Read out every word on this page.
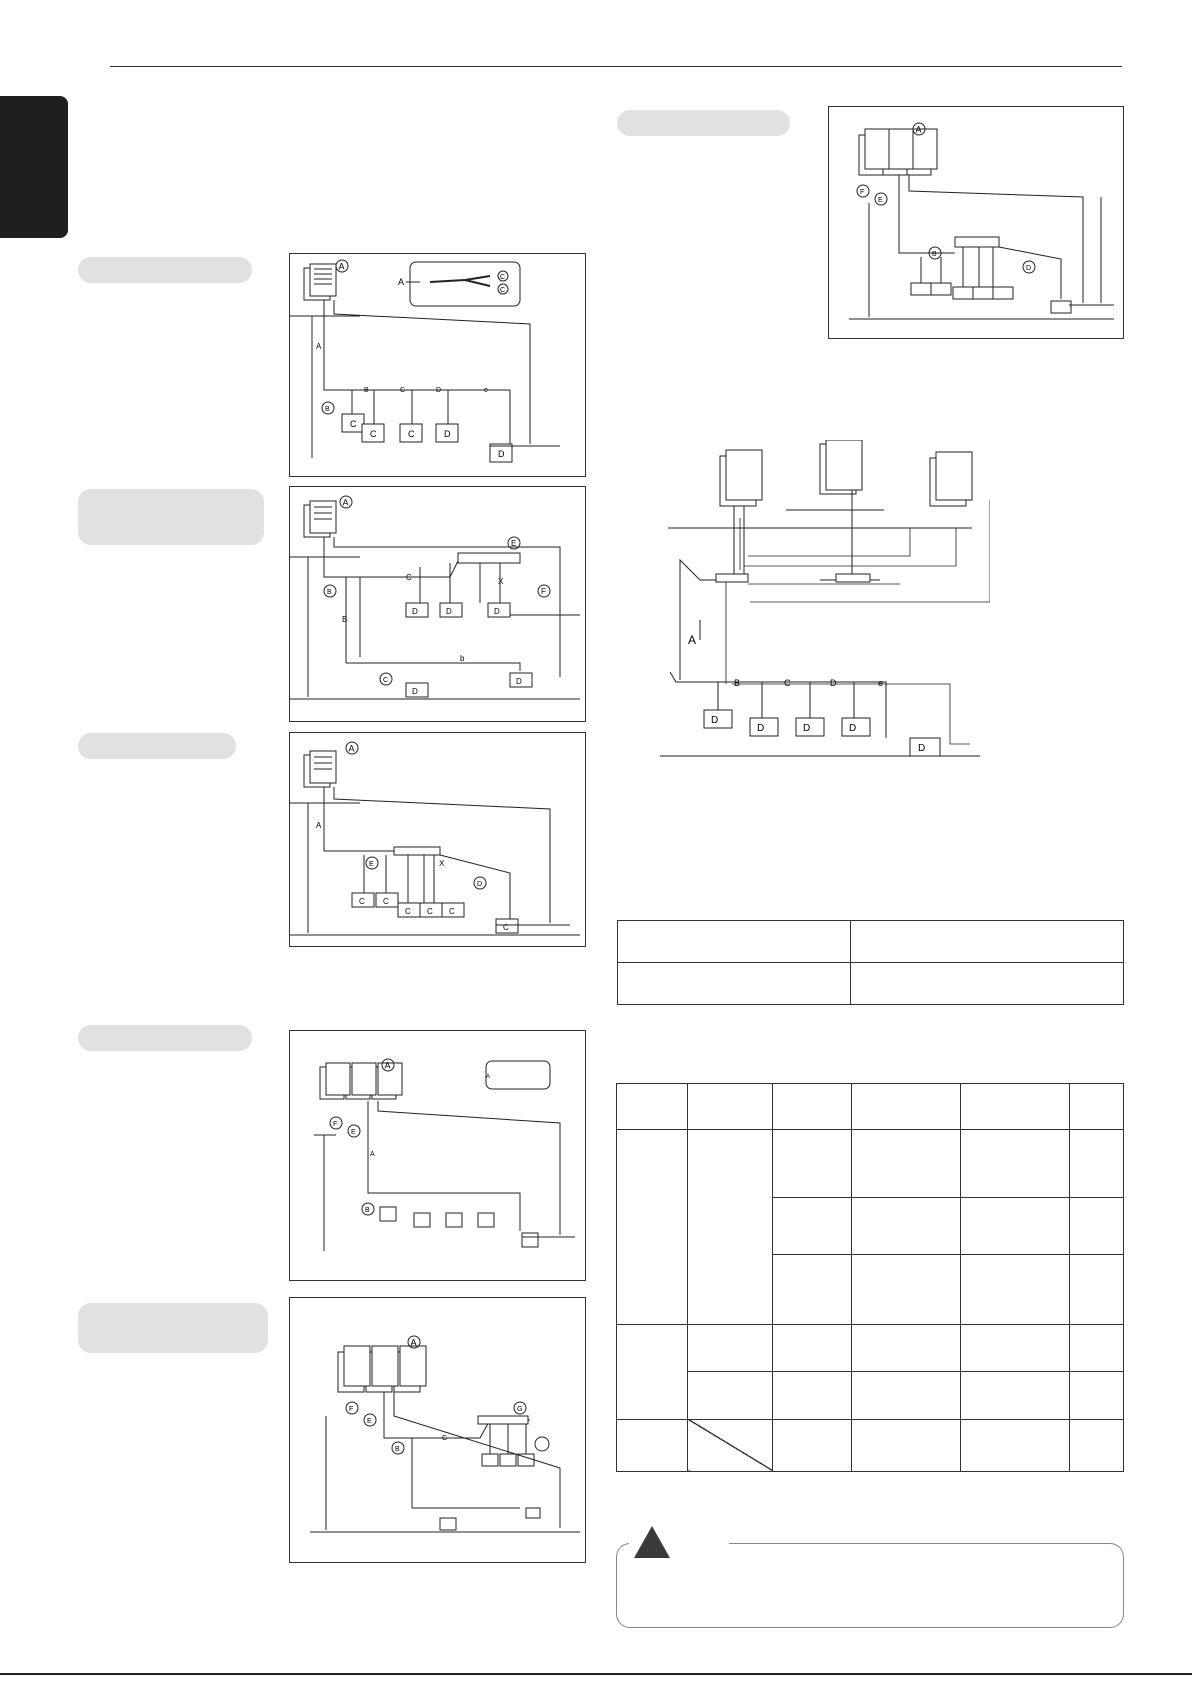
A
A	C
C
A
B	C	D	e
B
C
C	C	D
D
A
E
F
C	X
B
b
B
C
D	D	D
D
D
A
A
E
D
X
C C
C C C
C
A
A
F
E
A
B
A
F
E
G
C
B
A
F
E
B
D
A
B	C	D	e
D
D	D	D
D
